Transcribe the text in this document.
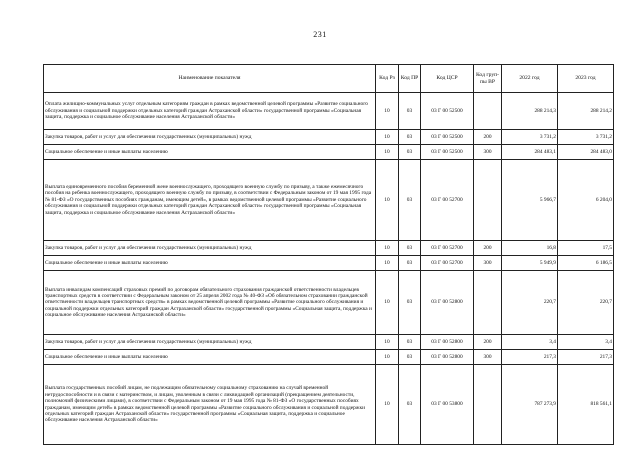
231
Наименование показателя	Код Рз	Код ПР	Код ЦСР	Код груп-пы ВР	2022 год	2023 год
Оплата жилищно-коммунальных услуг отдельным категориям граждан в рамках ведомственной целевой программы «Развитие социального обслуживания и социальной поддержки отдельных категорий граждан Астраханской области» государственной программы «Социальная защита, поддержка и социальное обслуживание населения Астраханской области»	10	03	03 Г 00 52500		288 214,3	288 214,2
Закупка товаров, работ и услуг для обеспечения государственных (муниципальных) нужд	10	03	03 Г 00 52500	200	3 731,2	3 731,2
Социальное обеспечение и иные выплаты населению	10	03	03 Г 00 52500	300	284 483,1	284 483,0
Выплата единовременного пособия беременной жене военнослужащего, проходящего военную службу по призыву, а также ежемесячного пособия на ребенка военнослужащего, проходящего военную службу по призыву, в соответствии с Федеральным законом от 19 мая 1995 года № 81-ФЗ «О государственных пособиях гражданам, имеющим детей», в рамках ведомственной целевой программы «Развитие социального обслуживания и социальной поддержки отдельных категорий граждан Астраханской области» государственной программы «Социальная защита, поддержка и социальное обслуживание населения Астраханской области»	10	03	03 Г 00 52700		5 966,7	6 204,0
Закупка товаров, работ и услуг для обеспечения государственных (муниципальных) нужд	10	03	03 Г 00 52700	200	16,8	17,5
Социальное обеспечение и иные выплаты населению	10	03	03 Г 00 52700	300	5 949,9	6 186,5
Выплата инвалидам компенсаций страховых премий по договорам обязательного страхования гражданской ответственности владельцев транспортных средств в соответствии с Федеральным законом от 25 апреля 2002 года № 40-ФЗ «Об обязательном страховании гражданской ответственности владельцев транспортных средств» в рамках ведомственной целевой программы «Развитие социального обслуживания и социальной поддержки отдельных категорий граждан Астраханской области» государственной программы «Социальная защита, поддержка и социальное обслуживание населения Астраханской области»	10	03	03 Г 00 52800		220,7	220,7
Закупка товаров, работ и услуг для обеспечения государственных (муниципальных) нужд	10	03	03 Г 00 52800	200	3,4	3,4
Социальное обеспечение и иные выплаты населению	10	03	03 Г 00 52800	300	217,3	217,3
Выплата государственных пособий лицам, не подлежащим обязательному социальному страхованию на случай временной нетрудоспособности и в связи с материнством, и лицам, уволенным в связи с ликвидацией организаций (прекращением деятельности, полномочий физическими лицами), в соответствии с Федеральным законом от 19 мая 1995 года № 81-ФЗ «О государственных пособиях гражданам, имеющим детей» в рамках ведомственной целевой программы «Развитие социального обслуживания и социальной поддержки отдельных категорий граждан Астраханской области» государственной программы «Социальная защита, поддержка и социальное обслуживание населения Астраханской области»	10	03	03 Г 00 53800		787 273,9	818 561,1
